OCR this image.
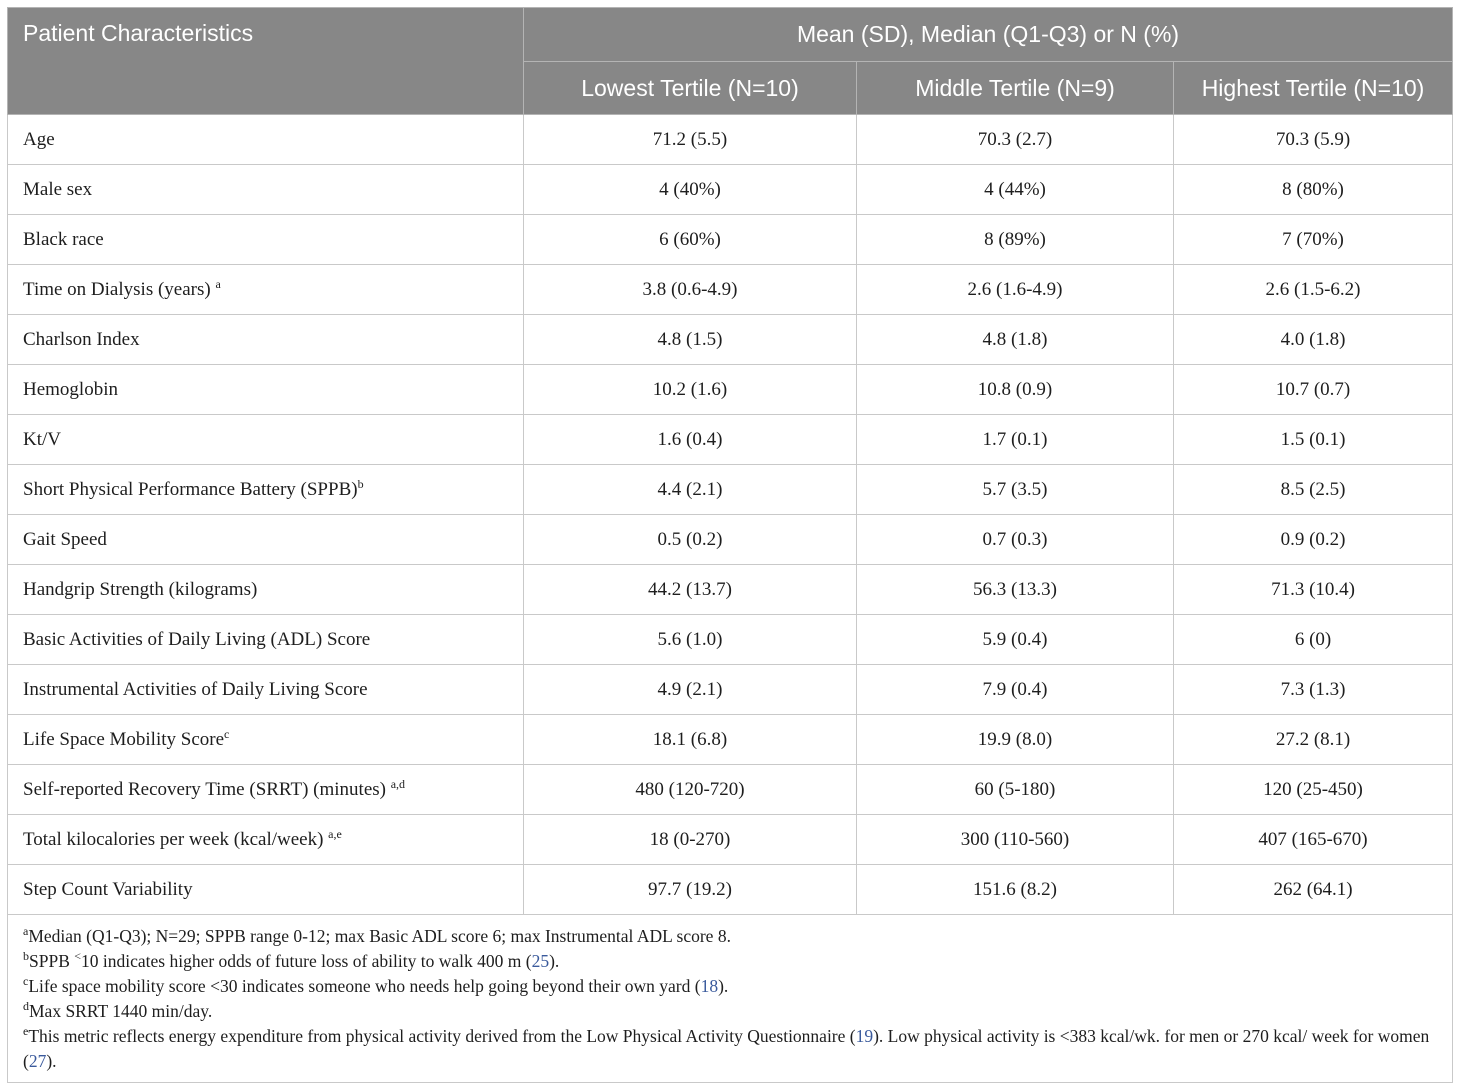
Patient Characteristics	Mean (SD), Median (Q1-Q3) or N (%)		
	Lowest Tertile (N=10)	Middle Tertile (N=9)	Highest Tertile (N=10)
Age	71.2 (5.5)	70.3 (2.7)	70.3 (5.9)
Male sex	4 (40%)	4 (44%)	8 (80%)
Black race	6 (60%)	8 (89%)	7 (70%)
Time on Dialysis (years) $^a$	3.8 (0.6-4.9)	2.6 (1.6-4.9)	2.6 (1.5-6.2)
Charlson Index	4.8 (1.5)	4.8 (1.8)	4.0 (1.8)
Hemoglobin	10.2 (1.6)	10.8 (0.9)	10.7 (0.7)
Kt/V	1.6 (0.4)	1.7 (0.1)	1.5 (0.1)
Short Physical Performance Battery (SPPB)$^b$	4.4 (2.1)	5.7 (3.5)	8.5 (2.5)
Gait Speed	0.5 (0.2)	0.7 (0.3)	0.9 (0.2)
Handgrip Strength (kilograms)	44.2 (13.7)	56.3 (13.3)	71.3 (10.4)
Basic Activities of Daily Living (ADL) Score	5.6 (1.0)	5.9 (0.4)	6 (0)
Instrumental Activities of Daily Living Score	4.9 (2.1)	7.9 (0.4)	7.3 (1.3)
Life Space Mobility Score$^c$	18.1 (6.8)	19.9 (8.0)	27.2 (8.1)
Self-reported Recovery Time (SRRT) (minutes) $^{a,d}$	480 (120-720)	60 (5-180)	120 (25-450)
Total kilocalories per week (kcal/week) $^{a,e}$	18 (0-270)	300 (110-560)	407 (165-670)
Step Count Variability	97.7 (19.2)	151.6 (8.2)	262 (64.1)

$^a$Median (Q1-Q3); N=29; SPPB range 0-12; max Basic ADL score 6; max Instrumental ADL score 8.
$^b$SPPB <10 indicates higher odds of future loss of ability to walk 400 m (25).
$^c$Life space mobility score <30 indicates someone who needs help going beyond their own yard (18).
$^d$Max SRRT 1440 min/day.
$^e$This metric reflects energy expenditure from physical activity derived from the Low Physical Activity Questionnaire (19). Low physical activity is <383 kcal/wk. for men or 270 kcal/ week for women (27).			
